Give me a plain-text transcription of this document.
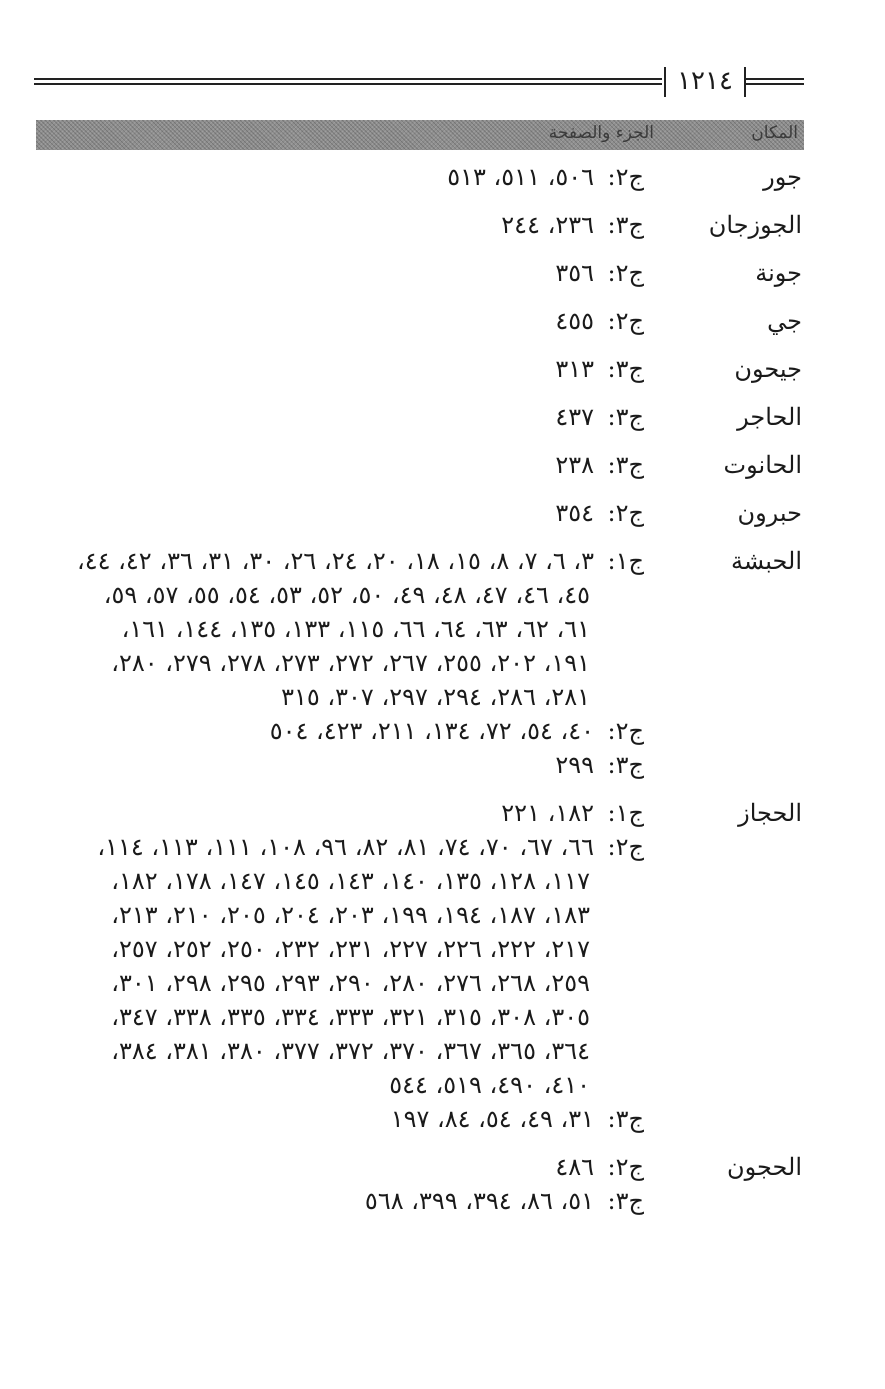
١٢١٤
المكان
الجزء والصفحة
جور
ج٢:
٥٠٦، ٥١١، ٥١٣
الجوزجان
ج٣:
٢٣٦، ٢٤٤
جونة
ج٢:
٣٥٦
جي
ج٢:
٤٥٥
جيحون
ج٣:
٣١٣
الحاجر
ج٣:
٤٣٧
الحانوت
ج٣:
٢٣٨
حبرون
ج٢:
٣٥٤
الحبشة
ج١:
٣، ٦، ٧، ٨، ١٥، ١٨، ٢٠، ٢٤، ٢٦، ٣٠، ٣١، ٣٦، ٤٢، ٤٤،
٤٥، ٤٦، ٤٧، ٤٨، ٤٩، ٥٠، ٥٢، ٥٣، ٥٤، ٥٥، ٥٧، ٥٩،
٦١، ٦٢، ٦٣، ٦٤، ٦٦، ١١٥، ١٣٣، ١٣٥، ١٤٤، ١٦١،
١٩١، ٢٠٢، ٢٥٥، ٢٦٧، ٢٧٢، ٢٧٣، ٢٧٨، ٢٧٩، ٢٨٠،
٢٨١، ٢٨٦، ٢٩٤، ٢٩٧، ٣٠٧، ٣١٥
ج٢:
٤٠، ٥٤، ٧٢، ١٣٤، ٢١١، ٤٢٣، ٥٠٤
ج٣:
٢٩٩
الحجاز
ج١:
١٨٢، ٢٢١
ج٢:
٦٦، ٦٧، ٧٠، ٧٤، ٨١، ٨٢، ٩٦، ١٠٨، ١١١، ١١٣، ١١٤،
١١٧، ١٢٨، ١٣٥، ١٤٠، ١٤٣، ١٤٥، ١٤٧، ١٧٨، ١٨٢،
١٨٣، ١٨٧، ١٩٤، ١٩٩، ٢٠٣، ٢٠٤، ٢٠٥، ٢١٠، ٢١٣،
٢١٧، ٢٢٢، ٢٢٦، ٢٢٧، ٢٣١، ٢٣٢، ٢٥٠، ٢٥٢، ٢٥٧،
٢٥٩، ٢٦٨، ٢٧٦، ٢٨٠، ٢٩٠، ٢٩٣، ٢٩٥، ٢٩٨، ٣٠١،
٣٠٥، ٣٠٨، ٣١٥، ٣٢١، ٣٣٣، ٣٣٤، ٣٣٥، ٣٣٨، ٣٤٧،
٣٦٤، ٣٦٥، ٣٦٧، ٣٧٠، ٣٧٢، ٣٧٧، ٣٨٠، ٣٨١، ٣٨٤،
٤١٠، ٤٩٠، ٥١٩، ٥٤٤
ج٣:
٣١، ٤٩، ٥٤، ٨٤، ١٩٧
الحجون
ج٢:
٤٨٦
ج٣:
٥١، ٨٦، ٣٩٤، ٣٩٩، ٥٦٨
